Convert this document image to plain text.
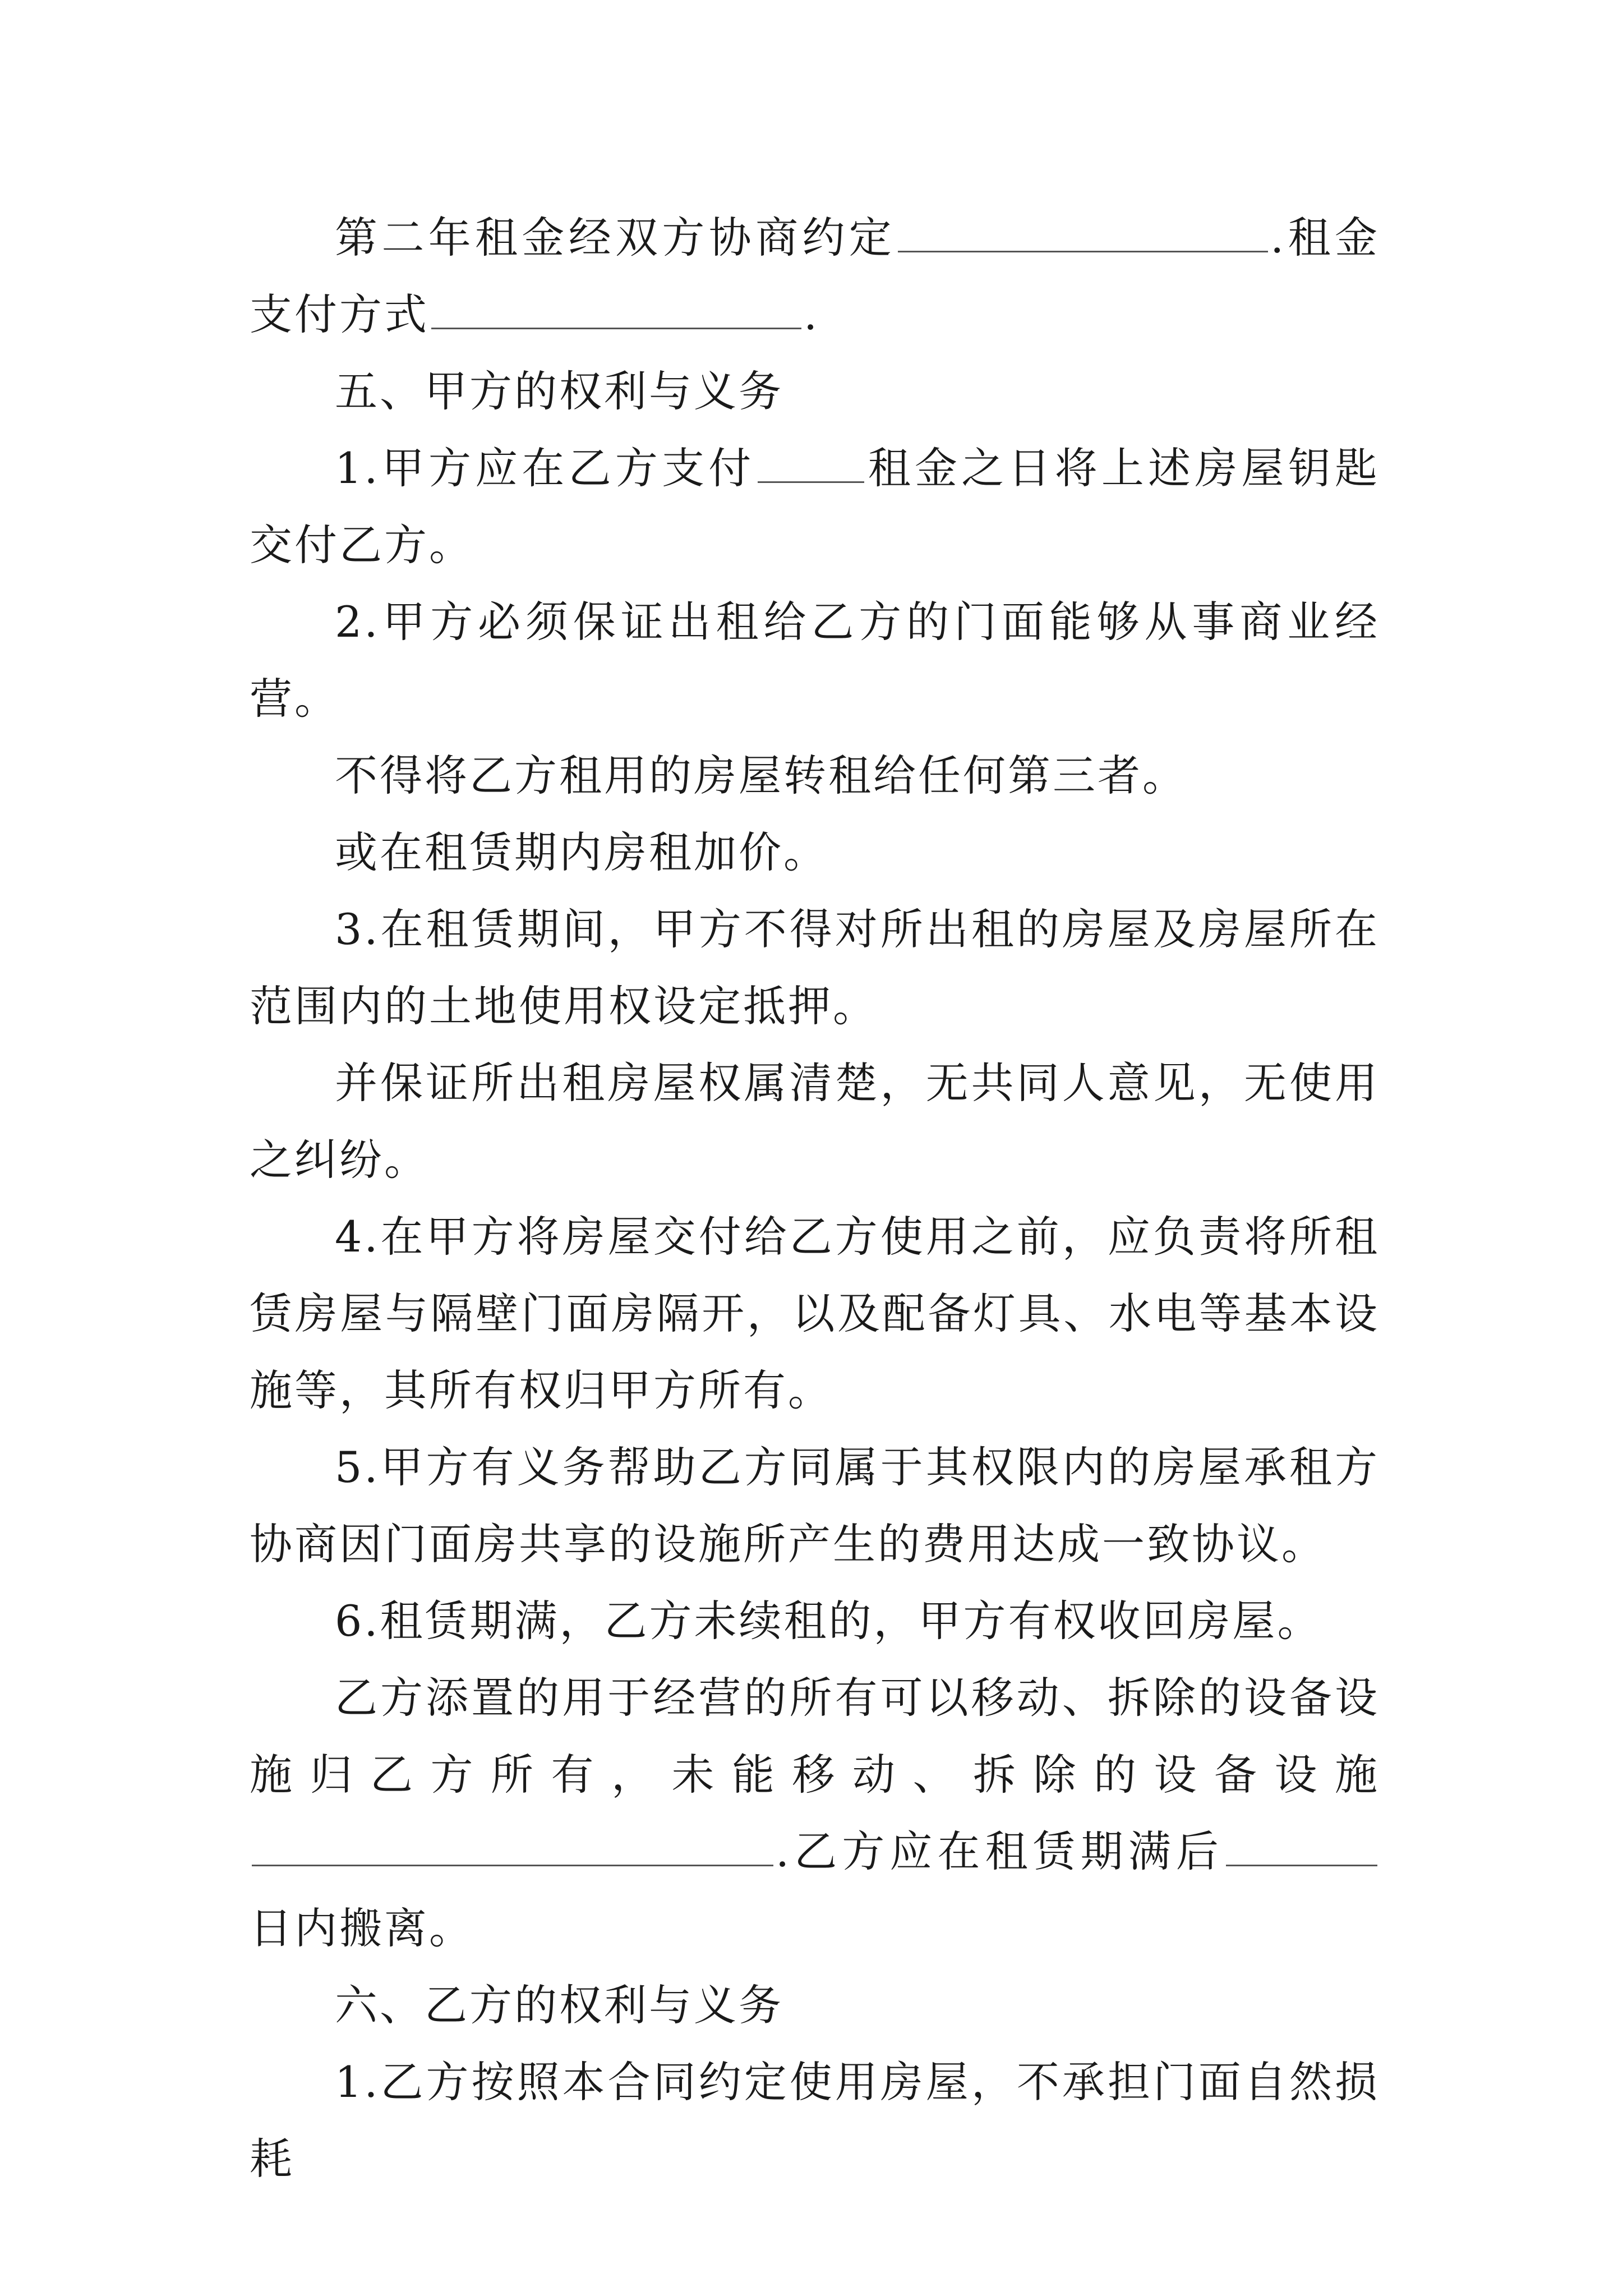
第二年租金经双方协商约定	.租金支付方式	.

五、甲方的权利与义务

1.甲方应在乙方支付	租金之日将上述房屋钥匙交付乙方。

2.甲方必须保证出租给乙方的门面能够从事商业经营。

不得将乙方租用的房屋转租给任何第三者。

或在租赁期内房租加价。

3.在租赁期间，甲方不得对所出租的房屋及房屋所在范围内的土地使用权设定抵押。

并保证所出租房屋权属清楚，无共同人意见，无使用之纠纷。

4.在甲方将房屋交付给乙方使用之前，应负责将所租赁房屋与隔壁门面房隔开，以及配备灯具、水电等基本设施等，其所有权归甲方所有。

5.甲方有义务帮助乙方同属于其权限内的房屋承租方协商因门面房共享的设施所产生的费用达成一致协议。

6.租赁期满，乙方未续租的，甲方有权收回房屋。

乙方添置的用于经营的所有可以移动、拆除的设备设施归乙方所有，未能移动、拆除的设备设施.乙方应在租赁期满后日内搬离。

六、乙方的权利与义务

1.乙方按照本合同约定使用房屋，不承担门面自然损耗
